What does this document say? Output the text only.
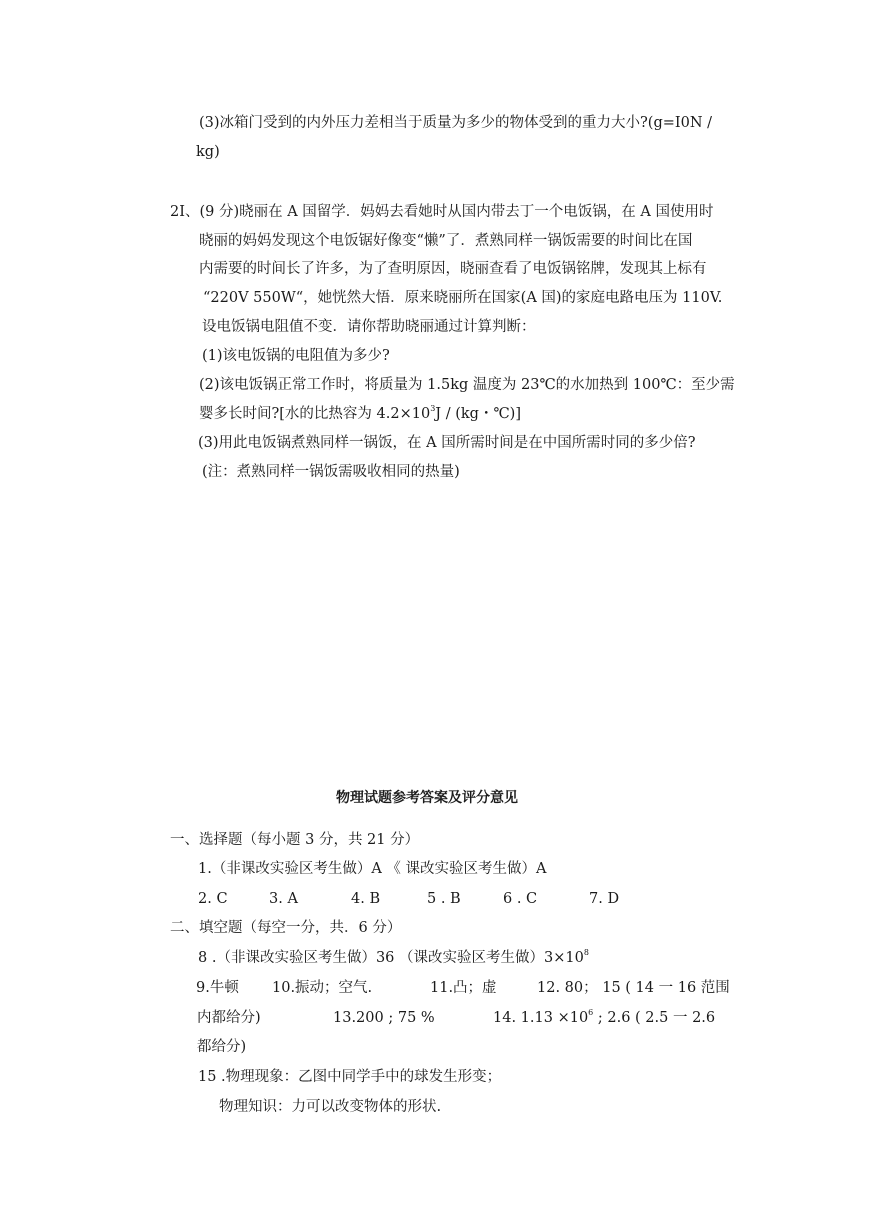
(3)冰箱门受到的内外压力差相当于质量为多少的物体受到的重力大小?(g=I0N /
kg)
2I、(9 分)晓丽在 A 国留学．妈妈去看她时从国内带去丁一个电饭锅，在 A 国使用时
晓丽的妈妈发现这个电饭锯好像变“懒”了．煮熟同样一锅饭需要的时间比在国
内需要的时间长了许多，为了查明原因，晓丽查看了电饭锅铭牌，发现其上标有
“220V 550W“，她恍然大悟．原来晓丽所在国家(A 国)的家庭电路电压为 110V.
设电饭锅电阻值不变．请你帮助晓丽通过计算判断：
(1)该电饭锅的电阻值为多少?
(2)该电饭锅正常工作时，将质量为 1.5kg 温度为 23℃的水加热到 100℃：至少需
婴多长时间?[水的比热容为 $4.2\times 10^3J / (kg$・℃)]
(3)用此电饭锅煮熟同样一锅饭，在 A 国所需时间是在中国所需时同的多少倍?
(注：煮熟同样一锅饭需吸收相同的热量)
物理试题参考答案及评分意见
一、选择题（每小题 3 分，共 21 分）
1.（非课改实验区考生做）A 《 课改实验区考生做）A
2. C	3. A	4. B	5 . B	6 . C	7. D
二、填空题（每空一分，共．6 分）
8 .（非课改实验区考生做）36 （课改实验区考生做）$3\times 10^8$
9.牛顿 10.振动；空气.	11.凸；虚	12. 80； 15 ( 14 一 16 范围
内都给分)	13.200 ; 75 %	14. $1.13 \times 10^6$ ; 2.6 ( 2.5 一 2.6
都给分)
15 .物理现象：乙图中同学手中的球发生形变；
物理知识：力可以改变物体的形状.
